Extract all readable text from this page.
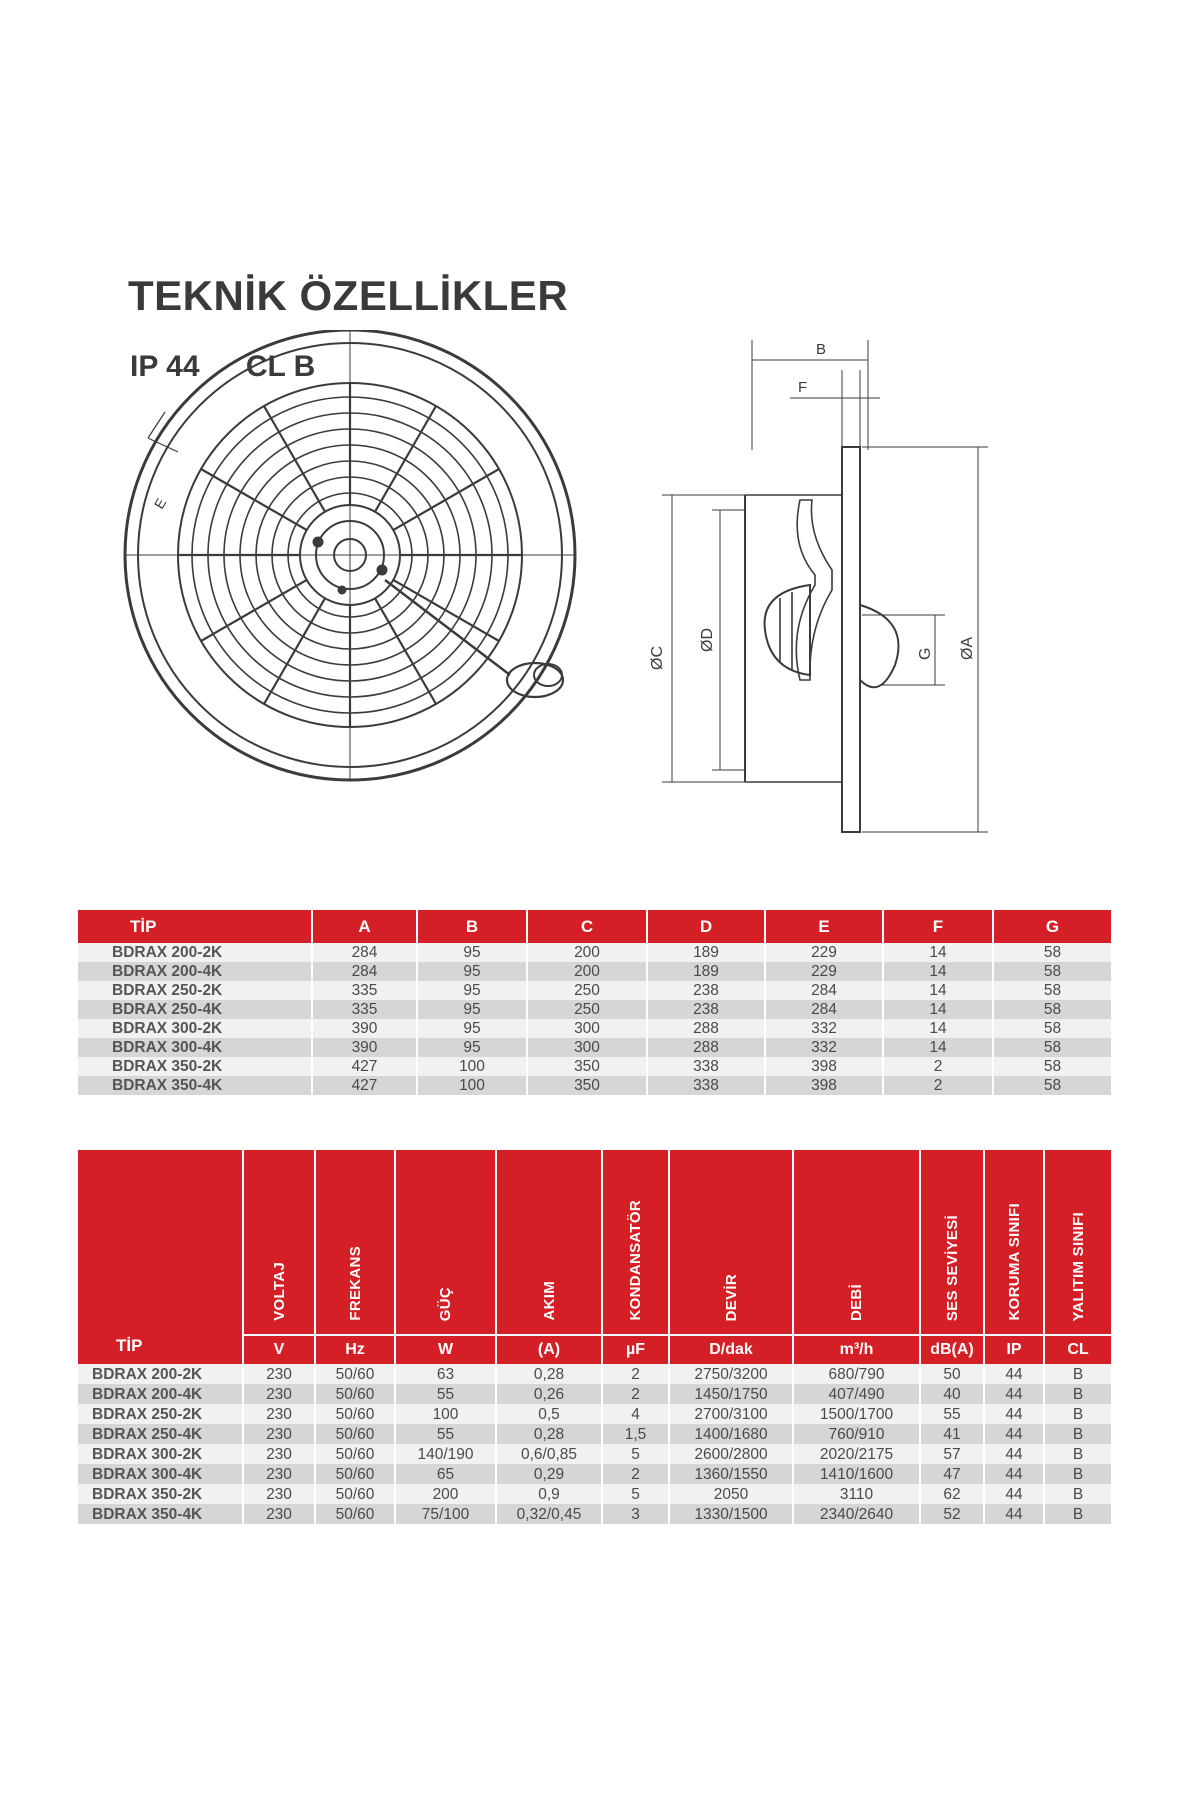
TEKNİK ÖZELLİKLER
IP 44 CL B
E
B
F
ØC
ØD
G ØA
TİP	A	B	C	D	E	F	G
BDRAX 200-2K	284	95	200	189	229	14	58
BDRAX 200-4K	284	95	200	189	229	14	58
BDRAX 250-2K	335	95	250	238	284	14	58
BDRAX 250-4K	335	95	250	238	284	14	58
BDRAX 300-2K	390	95	300	288	332	14	58
BDRAX 300-4K	390	95	300	288	332	14	58
BDRAX 350-2K	427	100	350	338	398	2	58
BDRAX 350-4K	427	100	350	338	398	2	58
TİP	VOLTAJ	FREKANS	GÜÇ	AKIM	KONDANSATÖR	DEVİR	DEBİ	SES SEVİYESİ	KORUMA SINIFI	YALITIM SINIFI
	V	Hz	W	(A)	µF	D/dak	m³/h	dB(A)	IP	CL
BDRAX 200-2K	230	50/60	63	0,28	2	2750/3200	680/790	50	44	B
BDRAX 200-4K	230	50/60	55	0,26	2	1450/1750	407/490	40	44	B
BDRAX 250-2K	230	50/60	100	0,5	4	2700/3100	1500/1700	55	44	B
BDRAX 250-4K	230	50/60	55	0,28	1,5	1400/1680	760/910	41	44	B
BDRAX 300-2K	230	50/60	140/190	0,6/0,85	5	2600/2800	2020/2175	57	44	B
BDRAX 300-4K	230	50/60	65	0,29	2	1360/1550	1410/1600	47	44	B
BDRAX 350-2K	230	50/60	200	0,9	5	2050	3110	62	44	B
BDRAX 350-4K	230	50/60	75/100	0,32/0,45	3	1330/1500	2340/2640	52	44	B
